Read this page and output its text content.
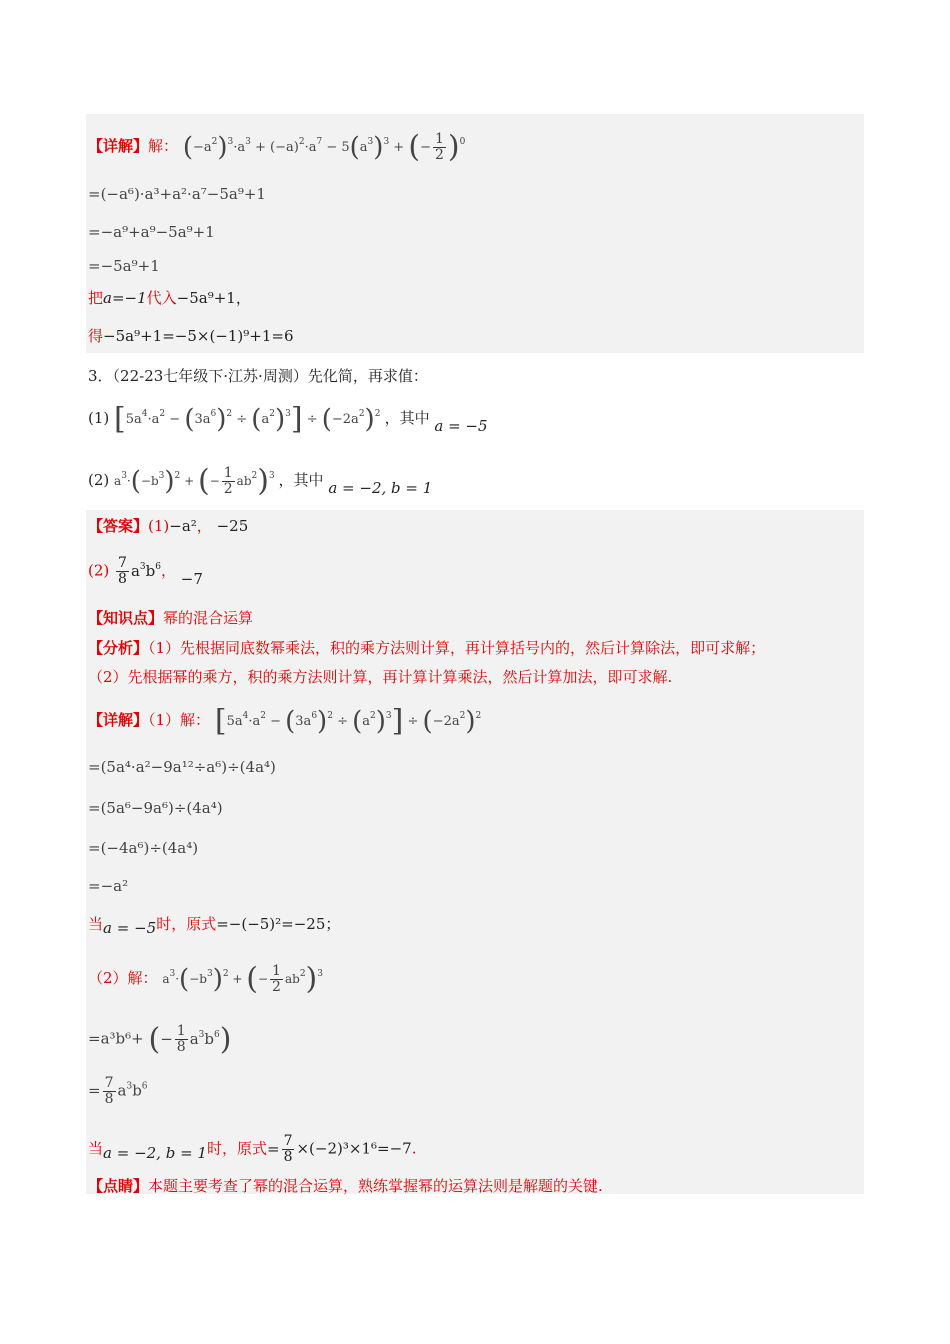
【详解】解： $(-a^2)^3\cdot a^3 + (-a)^2\cdot a^7 - 5(a^3)^3$ + (− $\frac{1}{2} )^0$
=(−a⁶)·a³+a²·a⁷−5a⁹+1
=−a⁹+a⁹−5a⁹+1
=−5a⁹+1
把a=−1代入−5a⁹+1，
得−5a⁹+1=−5×(−1)⁹+1=6
3．（22-23七年级下·江苏·周测）先化简，再求值：
(1) $[5a^4\cdot a^2 - (3a^6)^2 \div (a^2)^3] \div (-2a^2)^2$ ，其中 a = −5
(2) $a^3\cdot(-b^3)^2$ + (− $\frac{1}{2} ab^2)^3$ ，其中 a = −2, b = 1
【答案】(1)−a²， −25
$(2) \frac{7}{8} a^3b^6$， −7
【知识点】幂的混合运算
【分析】（1）先根据同底数幂乘法，积的乘方法则计算，再计算括号内的，然后计算除法，即可求解；
（2）先根据幂的乘方，积的乘方法则计算，再计算计算乘法，然后计算加法，即可求解.
【详解】（1）解： $[5a^4\cdot a^2 - (3a^6)^2 \div (a^2)^3] \div (-2a^2)^2$
=(5a⁴·a²−9a¹²÷a⁶)÷(4a⁴)
=(5a⁶−9a⁶)÷(4a⁴)
=(−4a⁶)÷(4a⁴)
=−a²
当a = −5时，原式=−(−5)²=−25；
（2）解： $a^3\cdot(-b^3)^2$ + (− $\frac{1}{2} ab^2)^3$
=a³b⁶+ (− $\frac{1}{8} a^3b^6$)
= $\frac{7}{8} a^3b^6$
当a = −2, b = 1时，原式= $\frac{7}{8} \times(-2)^3\times 1^6=-7$.
【点睛】本题主要考查了幂的混合运算，熟练掌握幂的运算法则是解题的关键.
